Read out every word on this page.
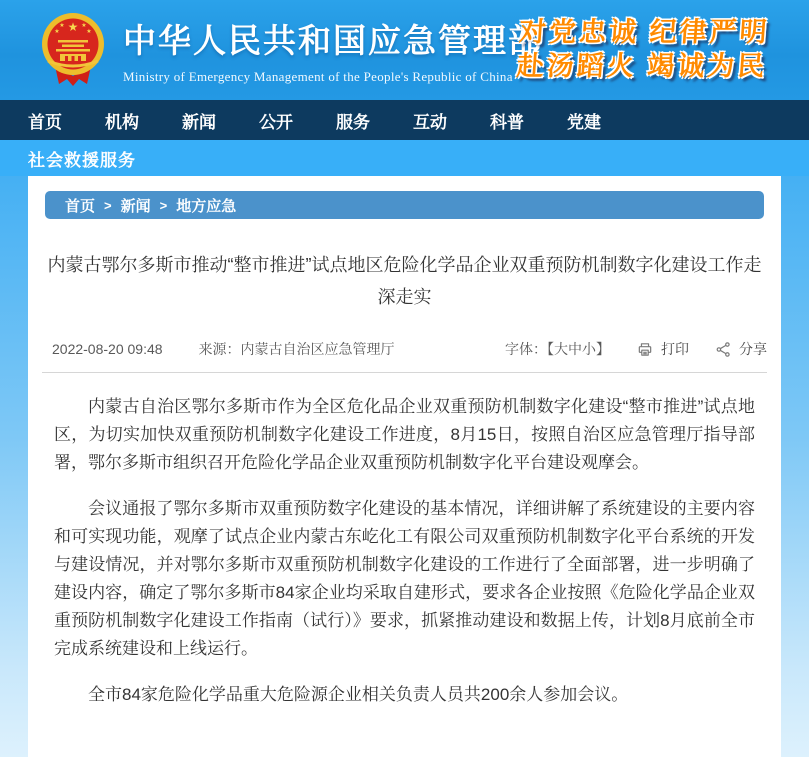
★
★	★
★	★ 中华人民共和国应急管理部
Ministry of Emergency Management of the People's Republic of China
对党忠诚 纪律严明
赴汤蹈火 竭诚为民
首页	机构	新闻	公开	服务	互动	科普	党建
社会救援服务
首页 > 新闻 > 地方应急
内蒙古鄂尔多斯市推动“整市推进”试点地区危险化学品企业双重预防机制数字化建设工作走深走实
2022-08-20 09:48	来源：内蒙古自治区应急管理厅	字体：【大中小】	打印	分享

内蒙古自治区鄂尔多斯市作为全区危化品企业双重预防机制数字化建设“整市推进”试点地区，为切实加快双重预防机制数字化建设工作进度，8月15日，按照自治区应急管理厅指导部署，鄂尔多斯市组织召开危险化学品企业双重预防机制数字化平台建设观摩会。

会议通报了鄂尔多斯市双重预防数字化建设的基本情况，详细讲解了系统建设的主要内容和可实现功能，观摩了试点企业内蒙古东屹化工有限公司双重预防机制数字化平台系统的开发与建设情况，并对鄂尔多斯市双重预防机制数字化建设的工作进行了全面部署，进一步明确了建设内容，确定了鄂尔多斯市84家企业均采取自建形式，要求各企业按照《危险化学品企业双重预防机制数字化建设工作指南（试行）》要求，抓紧推动建设和数据上传，计划8月底前全市完成系统建设和上线运行。

全市84家危险化学品重大危险源企业相关负责人员共200余人参加会议。
